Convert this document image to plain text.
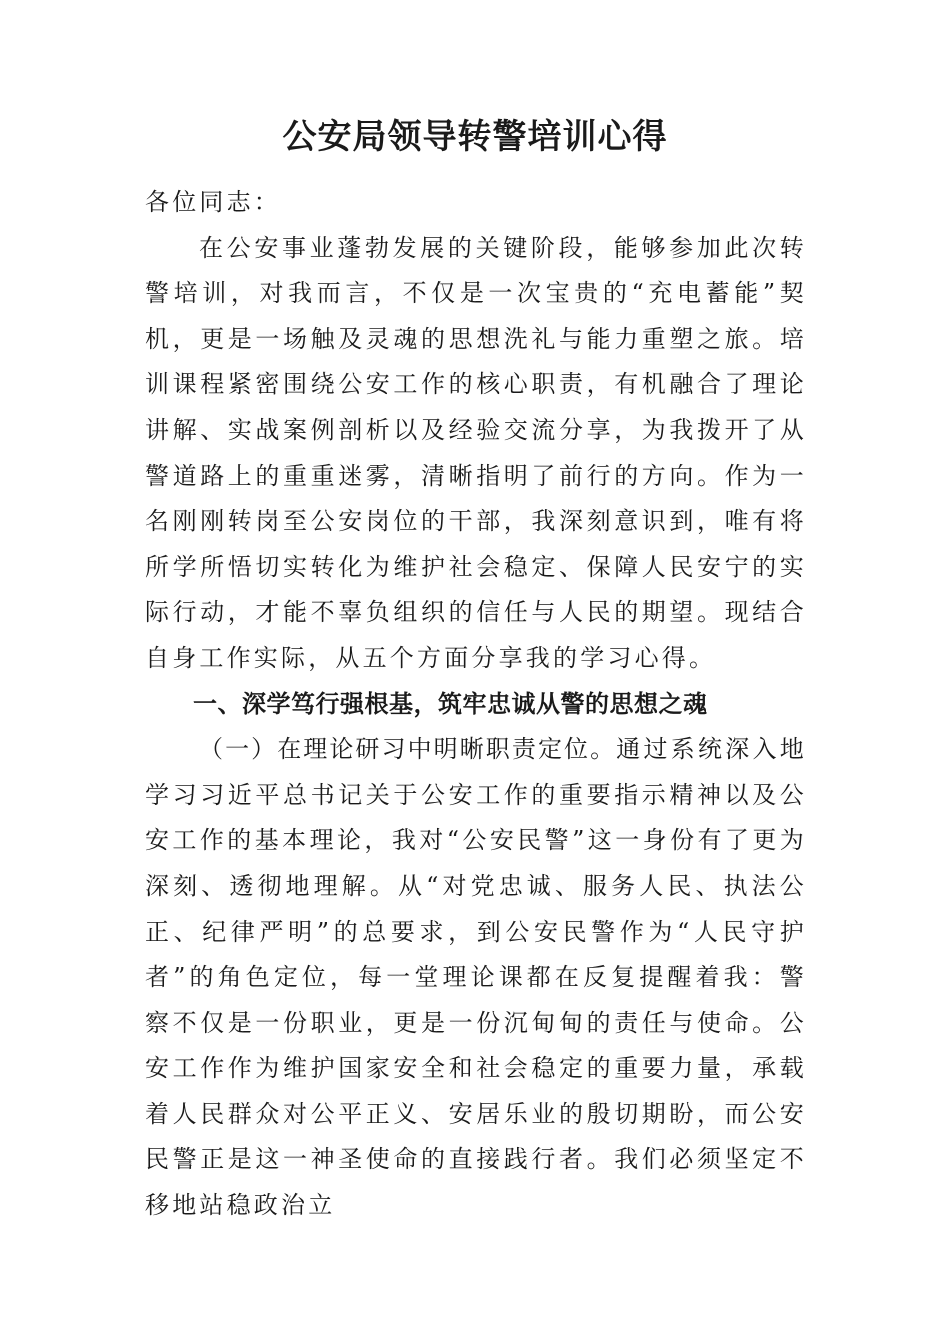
公安局领导转警培训心得

各位同志：

在公安事业蓬勃发展的关键阶段，能够参加此次转警培训，对我而言，不仅是一次宝贵的“充电蓄能”契机，更是一场触及灵魂的思想洗礼与能力重塑之旅。培训课程紧密围绕公安工作的核心职责，有机融合了理论讲解、实战案例剖析以及经验交流分享，为我拨开了从警道路上的重重迷雾，清晰指明了前行的方向。作为一名刚刚转岗至公安岗位的干部，我深刻意识到，唯有将所学所悟切实转化为维护社会稳定、保障人民安宁的实际行动，才能不辜负组织的信任与人民的期望。现结合自身工作实际，从五个方面分享我的学习心得。

一、深学笃行强根基，筑牢忠诚从警的思想之魂

（一）在理论研习中明晰职责定位。通过系统深入地学习习近平总书记关于公安工作的重要指示精神以及公安工作的基本理论，我对“公安民警”这一身份有了更为深刻、透彻地理解。从“对党忠诚、服务人民、执法公正、纪律严明”的总要求，到公安民警作为“人民守护者”的角色定位，每一堂理论课都在反复提醒着我：警察不仅是一份职业，更是一份沉甸甸的责任与使命。公安工作作为维护国家安全和社会稳定的重要力量，承载着人民群众对公平正义、安居乐业的殷切期盼，而公安民警正是这一神圣使命的直接践行者。我们必须坚定不移地站稳政治立
